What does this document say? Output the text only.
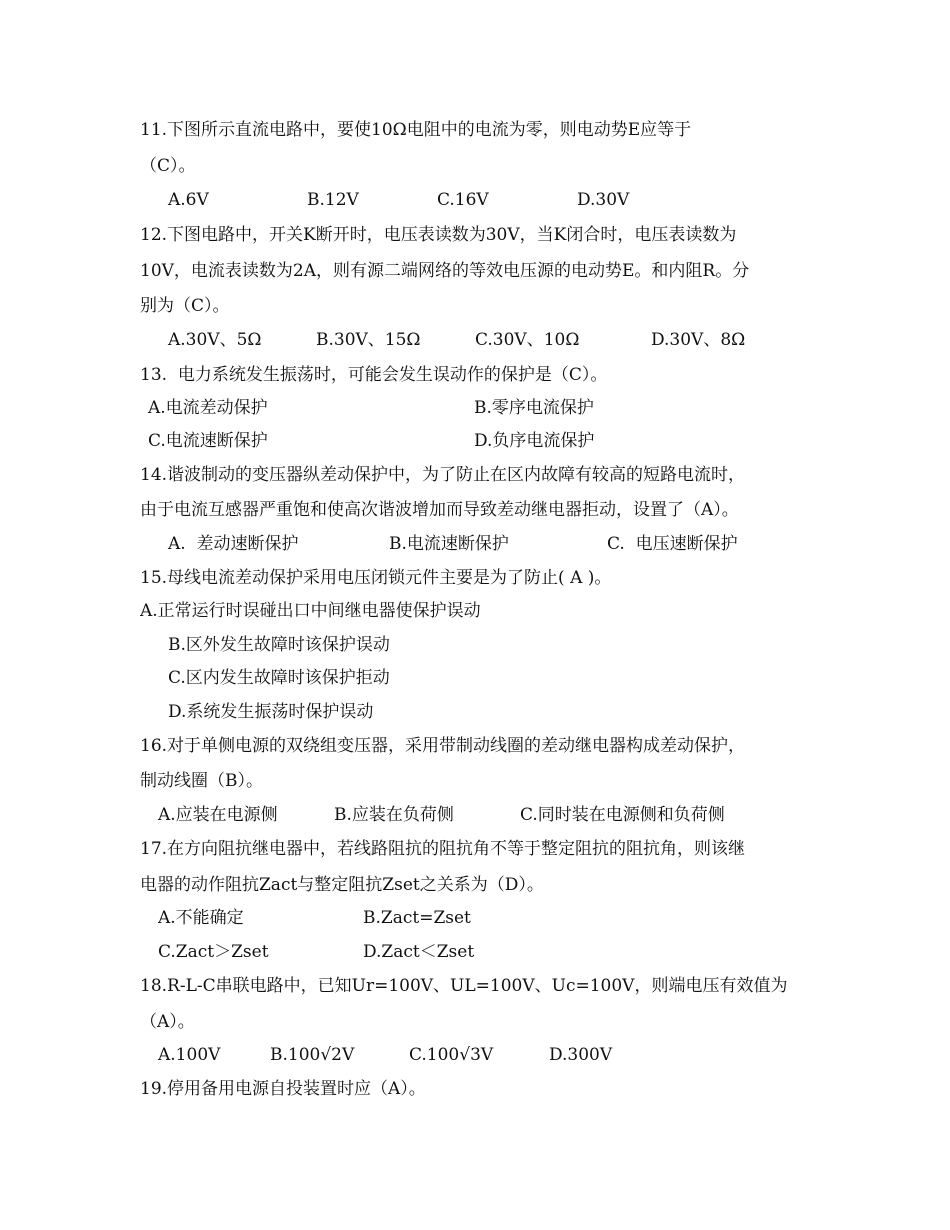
11.下图所示直流电路中，要使10Ω电阻中的电流为零，则电动势E应等于
（C）。
A.6V	B.12V	C.16V	D.30V
12.下图电路中，开关K断开时，电压表读数为30V，当K闭合时，电压表读数为
10V，电流表读数为2A，则有源二端网络的等效电压源的电动势E。和内阻R。分
别为（C）。
A.30V、5Ω	B.30V、15Ω	C.30V、10Ω	D.30V、8Ω
13.  电力系统发生振荡时，可能会发生误动作的保护是（C）。
A.电流差动保护	B.零序电流保护
C.电流速断保护	D.负序电流保护
14.谐波制动的变压器纵差动保护中，为了防止在区内故障有较高的短路电流时，
由于电流互感器严重饱和使高次谐波增加而导致差动继电器拒动，设置了（A）。
A.  差动速断保护	B.电流速断保护	C.  电压速断保护
15.母线电流差动保护采用电压闭锁元件主要是为了防止( A )。
A.正常运行时误碰出口中间继电器使保护误动
B.区外发生故障时该保护误动
C.区内发生故障时该保护拒动
D.系统发生振荡时保护误动
16.对于单侧电源的双绕组变压器，采用带制动线圈的差动继电器构成差动保护，
制动线圈（B）。
A.应装在电源侧	B.应装在负荷侧	C.同时装在电源侧和负荷侧
17.在方向阻抗继电器中，若线路阻抗的阻抗角不等于整定阻抗的阻抗角，则该继
电器的动作阻抗Zact与整定阻抗Zset之关系为（D）。
A.不能确定	B.Zact=Zset
C.Zact＞Zset	D.Zact＜Zset
18.R-L-C串联电路中，已知Ur=100V、UL=100V、Uc=100V，则端电压有效值为
（A）。
A.100V	B.100√2V	C.100√3V	D.300V
19.停用备用电源自投装置时应（A）。
